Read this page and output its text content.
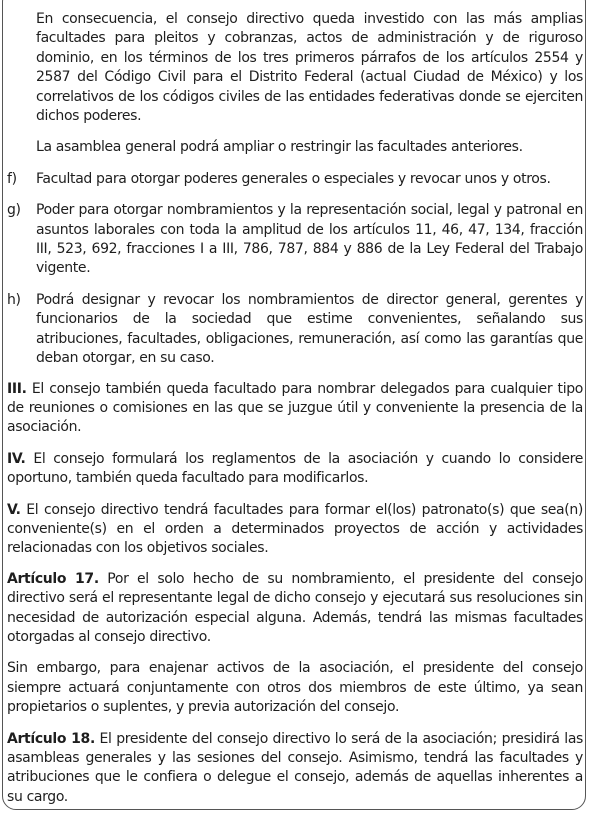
En consecuencia, el consejo directivo queda investido con las más amplias facultades para pleitos y cobranzas, actos de administración y de riguroso dominio, en los términos de los tres primeros párrafos de los artículos 2554 y 2587 del Código Civil para el Distrito Federal (actual Ciudad de México) y los correlativos de los códigos civiles de las entidades federativas donde se ejerciten dichos poderes.
La asamblea general podrá ampliar o restringir las facultades anteriores.
f) Facultad para otorgar poderes generales o especiales y revocar unos y otros.
g) Poder para otorgar nombramientos y la representación social, legal y patronal en asuntos laborales con toda la amplitud de los artículos 11, 46, 47, 134, fracción III, 523, 692, fracciones I a III, 786, 787, 884 y 886 de la Ley Federal del Trabajo vigente.
h) Podrá designar y revocar los nombramientos de director general, gerentes y funcionarios de la sociedad que estime convenientes, señalando sus atribuciones, facultades, obligaciones, remuneración, así como las garantías que deban otorgar, en su caso.
III. El consejo también queda facultado para nombrar delegados para cualquier tipo de reuniones o comisiones en las que se juzgue útil y conveniente la presencia de la asociación.
IV. El consejo formulará los reglamentos de la asociación y cuando lo considere oportuno, también queda facultado para modificarlos.
V. El consejo directivo tendrá facultades para formar el(los) patronato(s) que sea(n) conveniente(s) en el orden a determinados proyectos de acción y actividades relacionadas con los objetivos sociales.
Artículo 17. Por el solo hecho de su nombramiento, el presidente del consejo directivo será el representante legal de dicho consejo y ejecutará sus resoluciones sin necesidad de autorización especial alguna. Además, tendrá las mismas facultades otorgadas al consejo directivo.
Sin embargo, para enajenar activos de la asociación, el presidente del consejo siempre actuará conjuntamente con otros dos miembros de este último, ya sean propietarios o suplentes, y previa autorización del consejo.
Artículo 18. El presidente del consejo directivo lo será de la asociación; presidirá las asambleas generales y las sesiones del consejo. Asimismo, tendrá las facultades y atribuciones que le confiera o delegue el consejo, además de aquellas inherentes a su cargo.
